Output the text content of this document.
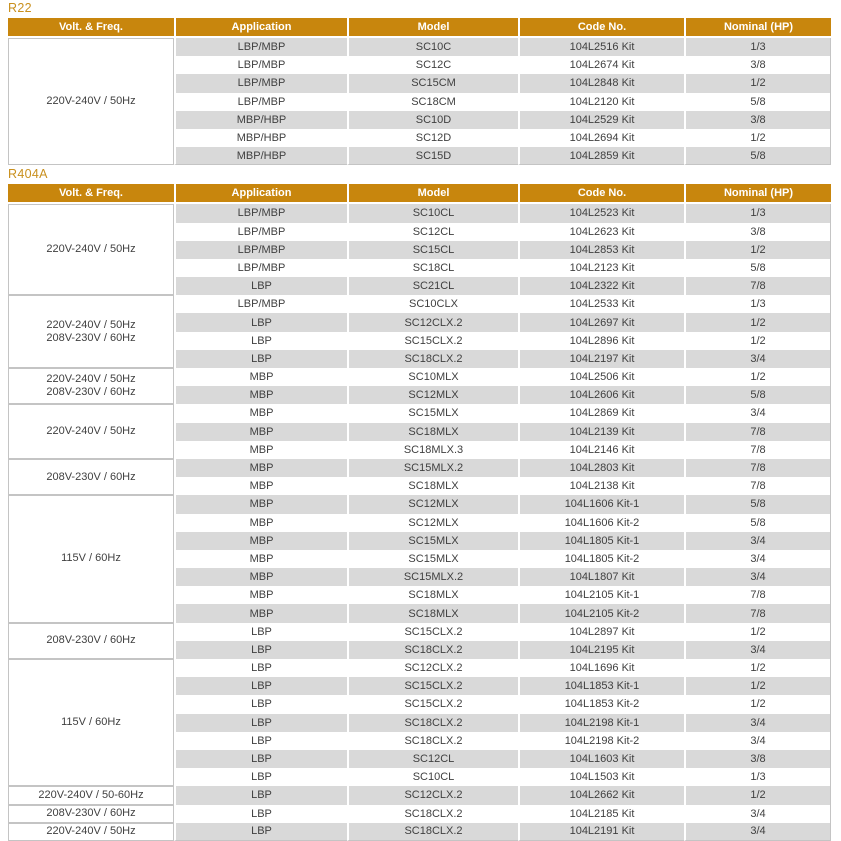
R22
Volt. & Freq.	Application	Model	Code No.	Nominal (HP)

220V-240V / 50Hz	LBP/MBP	SC10C	104L2516 Kit	1/3
	LBP/MBP	SC12C	104L2674 Kit	3/8
	LBP/MBP	SC15CM	104L2848 Kit	1/2
	LBP/MBP	SC18CM	104L2120 Kit	5/8
	MBP/HBP	SC10D	104L2529 Kit	3/8
	MBP/HBP	SC12D	104L2694 Kit	1/2
	MBP/HBP	SC15D	104L2859 Kit	5/8
R404A
Volt. & Freq.	Application	Model	Code No.	Nominal (HP)

220V-240V / 50Hz	LBP/MBP	SC10CL	104L2523 Kit	1/3
	LBP/MBP	SC12CL	104L2623 Kit	3/8
	LBP/MBP	SC15CL	104L2853 Kit	1/2
	LBP/MBP	SC18CL	104L2123 Kit	5/8
	LBP	SC21CL	104L2322 Kit	7/8

220V-240V / 50Hz
208V-230V / 60Hz	LBP/MBP	SC10CLX	104L2533 Kit	1/3
	LBP	SC12CLX.2	104L2697 Kit	1/2
	LBP	SC15CLX.2	104L2896 Kit	1/2
	LBP	SC18CLX.2	104L2197 Kit	3/4

220V-240V / 50Hz
208V-230V / 60Hz	MBP	SC10MLX	104L2506 Kit	1/2
	MBP	SC12MLX	104L2606 Kit	5/8

220V-240V / 50Hz	MBP	SC15MLX	104L2869 Kit	3/4
	MBP	SC18MLX	104L2139 Kit	7/8
	MBP	SC18MLX.3	104L2146 Kit	7/8

208V-230V / 60Hz	MBP	SC15MLX.2	104L2803 Kit	7/8
	MBP	SC18MLX	104L2138 Kit	7/8

115V / 60Hz	MBP	SC12MLX	104L1606 Kit-1	5/8
	MBP	SC12MLX	104L1606 Kit-2	5/8
	MBP	SC15MLX	104L1805 Kit-1	3/4
	MBP	SC15MLX	104L1805 Kit-2	3/4
	MBP	SC15MLX.2	104L1807 Kit	3/4
	MBP	SC18MLX	104L2105 Kit-1	7/8
	MBP	SC18MLX	104L2105 Kit-2	7/8

208V-230V / 60Hz	LBP	SC15CLX.2	104L2897 Kit	1/2
	LBP	SC18CLX.2	104L2195 Kit	3/4

115V / 60Hz	LBP	SC12CLX.2	104L1696 Kit	1/2
	LBP	SC15CLX.2	104L1853 Kit-1	1/2
	LBP	SC15CLX.2	104L1853 Kit-2	1/2
	LBP	SC18CLX.2	104L2198 Kit-1	3/4
	LBP	SC18CLX.2	104L2198 Kit-2	3/4
	LBP	SC12CL	104L1603 Kit	3/8
	LBP	SC10CL	104L1503 Kit	1/3

220V-240V / 50-60Hz	LBP	SC12CLX.2	104L2662 Kit	1/2

208V-230V / 60Hz	LBP	SC18CLX.2	104L2185 Kit	3/4

220V-240V / 50Hz	LBP	SC18CLX.2	104L2191 Kit	3/4
